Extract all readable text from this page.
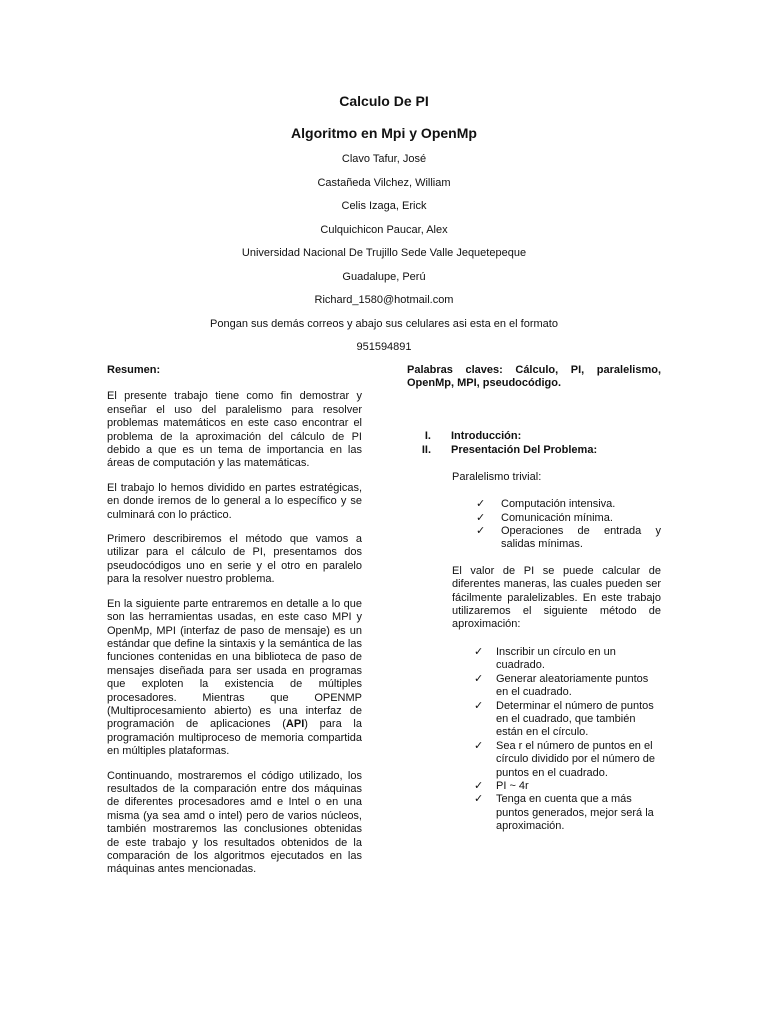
Calculo De PI

Algoritmo en Mpi y OpenMp

Clavo Tafur, José

Castañeda Vilchez, William

Celis Izaga, Erick

Culquichicon Paucar, Alex

Universidad Nacional De Trujillo Sede Valle Jequetepeque

Guadalupe, Perú

Richard_1580@hotmail.com

Pongan sus demás correos y abajo sus celulares asi esta en el formato

951594891

Resumen:

El presente trabajo tiene como fin demostrar y enseñar el uso del paralelismo para resolver problemas matemáticos en este caso encontrar el problema de la aproximación del cálculo de PI debido a que es un tema de importancia en las áreas de computación y las matemáticas.

El trabajo lo hemos dividido en partes estratégicas, en donde iremos de lo general a lo específico y se culminará con lo práctico.

Primero describiremos el método que vamos a utilizar para el cálculo de PI, presentamos dos pseudocódigos uno en serie y el otro en paralelo para la resolver nuestro problema.

En la siguiente parte entraremos en detalle a lo que son las herramientas usadas, en este caso MPI y OpenMp, MPI (interfaz de paso de mensaje) es un estándar que define la sintaxis y la semántica de las funciones contenidas en una biblioteca de paso de mensajes diseñada para ser usada en programas que exploten la existencia de múltiples procesadores. Mientras que OPENMP (Multiprocesamiento abierto) es una interfaz de programación de aplicaciones (API) para la programación multiproceso de memoria compartida en múltiples plataformas.

Continuando, mostraremos el código utilizado, los resultados de la comparación entre dos máquinas de diferentes procesadores amd e Intel o en una misma (ya sea amd o intel) pero de varios núcleos, también mostraremos las conclusiones obtenidas de este trabajo y los resultados obtenidos de la comparación de los algoritmos ejecutados en las máquinas antes mencionadas.

Palabras claves: Cálculo, PI, paralelismo, OpenMp, MPI, pseudocódigo.

I.	Introducción:
II.	Presentación Del Problema:

Paralelismo trivial:

✓	Computación intensiva.
✓	Comunicación mínima.
✓	Operaciones de entrada y salidas mínimas.

El valor de PI se puede calcular de diferentes maneras, las cuales pueden ser fácilmente paralelizables. En este trabajo utilizaremos el siguiente método de aproximación:

✓	Inscribir un círculo en un cuadrado.
✓	Generar aleatoriamente puntos en el cuadrado.
✓	Determinar el número de puntos en el cuadrado, que también están en el círculo.
✓	Sea r el número de puntos en el círculo dividido por el número de puntos en el cuadrado.
✓	PI ~ 4r
✓	Tenga en cuenta que a más puntos generados, mejor será la aproximación.
